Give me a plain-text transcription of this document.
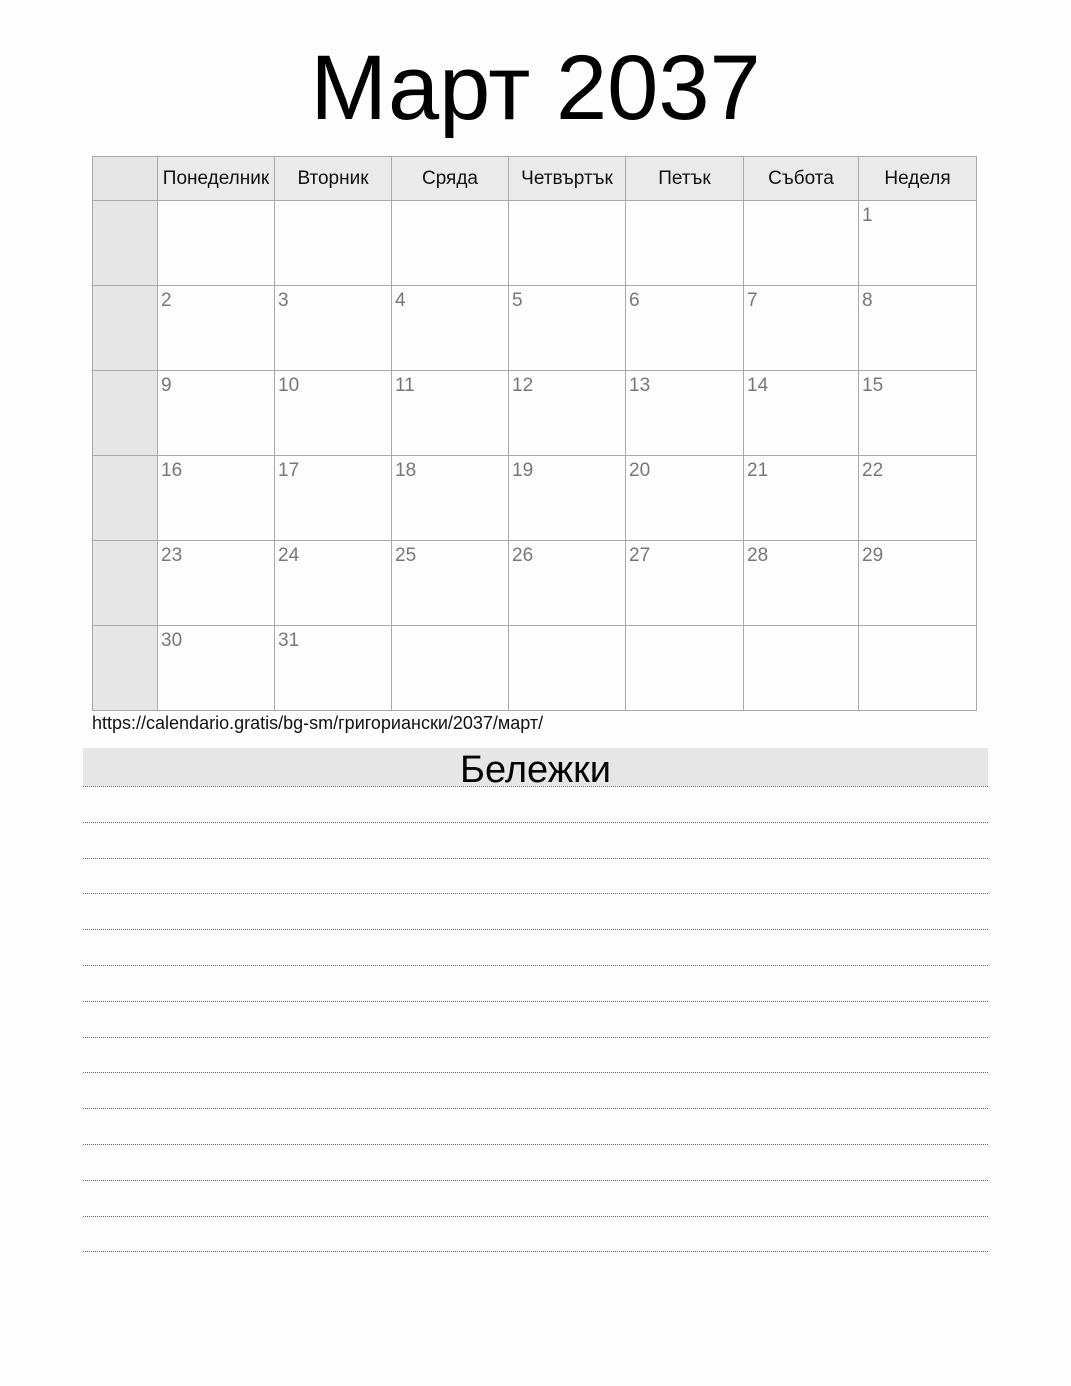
Март 2037
	Понеделник	Вторник	Сряда	Четвъртък	Петък	Събота	Неделя

							1

	2	3	4	5	6	7	8

	9	10	11	12	13	14	15

	16	17	18	19	20	21	22

	23	24	25	26	27	28	29

	30	31					

https://calendario.gratis/bg-sm/григориански/2037/март/
Бележки
